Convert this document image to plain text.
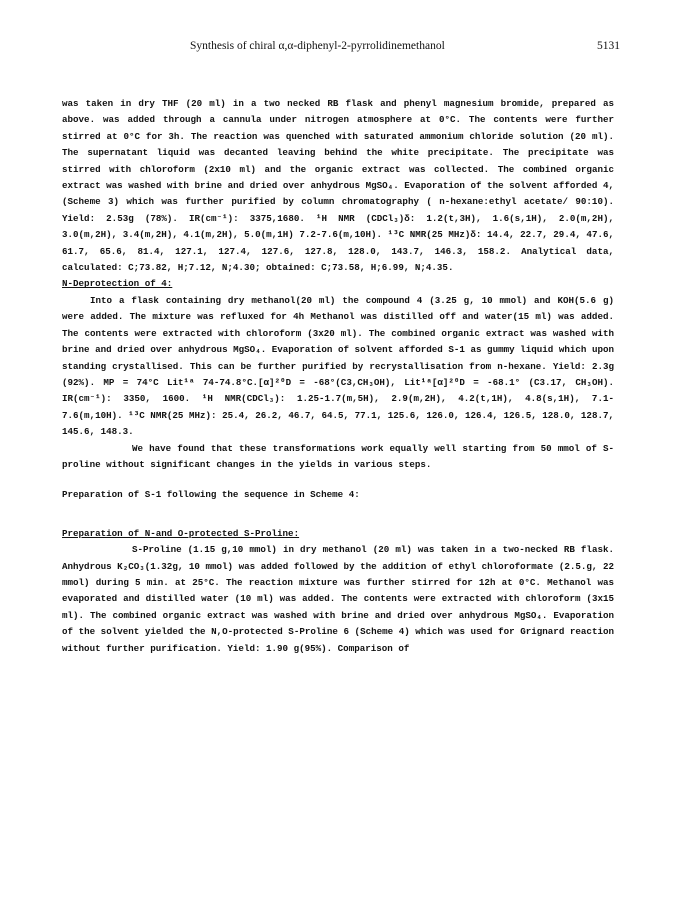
Synthesis of chiral α,α-diphenyl-2-pyrrolidinemethanol	5131

was taken in dry THF (20 ml) in a two necked RB flask and phenyl magnesium bromide, prepared as above. was added through a cannula under nitrogen atmosphere at 0°C. The contents were further stirred at 0°C for 3h. The reaction was quenched with saturated ammonium chloride solution (20 ml). The supernatant liquid was decanted leaving behind the white precipitate. The precipitate was stirred with chloroform (2x10 ml) and the organic extract was collected. The combined organic extract was washed with brine and dried over anhydrous MgSO₄. Evaporation of the solvent afforded 4, (Scheme 3) which was further purified by column chromatography ( n-hexane:ethyl acetate/ 90:10). Yield: 2.53g (78%). IR(cm⁻¹): 3375,1680. ¹H NMR (CDCl₃)δ: 1.2(t,3H), 1.6(s,1H), 2.0(m,2H), 3.0(m,2H), 3.4(m,2H), 4.1(m,2H), 5.0(m,1H) 7.2-7.6(m,10H). ¹³C NMR(25 MHz)δ: 14.4, 22.7, 29.4, 47.6, 61.7, 65.6, 81.4, 127.1, 127.4, 127.6, 127.8, 128.0, 143.7, 146.3, 158.2. Analytical data, calculated: C;73.82, H;7.12, N;4.30; obtained: C;73.58, H;6.99, N;4.35.

N-Deprotection of 4:

Into a flask containing dry methanol(20 ml) the compound 4 (3.25 g, 10 mmol) and KOH(5.6 g) were added. The mixture was refluxed for 4h Methanol was distilled off and water(15 ml) was added. The contents were extracted with chloroform (3x20 ml). The combined organic extract was washed with brine and dried over anhydrous MgSO₄. Evaporation of solvent afforded S-1 as gummy liquid which upon standing crystallised. This can be further purified by recrystallisation from n-hexane. Yield: 2.3g (92%). MP = 74°C Lit¹ᵃ 74-74.8°C.[α]²⁰D = -68°(C3,CH₃OH), Lit¹ᵃ[α]²⁰D = -68.1° (C3.17, CH₃OH). IR(cm⁻¹): 3350, 1600. ¹H NMR(CDCl₃): 1.25-1.7(m,5H), 2.9(m,2H), 4.2(t,1H), 4.8(s,1H), 7.1-7.6(m,10H). ¹³C NMR(25 MHz): 25.4, 26.2, 46.7, 64.5, 77.1, 125.6, 126.0, 126.4, 126.5, 128.0, 128.7, 145.6, 148.3.

We have found that these transformations work equally well starting from 50 mmol of S-proline without significant changes in the yields in various steps.

Preparation of S-1 following the sequence in Scheme 4:

Preparation of N-and O-protected S-Proline:

S-Proline (1.15 g,10 mmol) in dry methanol (20 ml) was taken in a two-necked RB flask. Anhydrous K₂CO₃(1.32g, 10 mmol) was added followed by the addition of ethyl chloroformate (2.5.g, 22 mmol) during 5 min. at 25°C. The reaction mixture was further stirred for 12h at 0°C. Methanol was evaporated and distilled water (10 ml) was added. The contents were extracted with chloroform (3x15 ml). The combined organic extract was washed with brine and dried over anhydrous MgSO₄. Evaporation of the solvent yielded the N,O-protected S-Proline 6 (Scheme 4) which was used for Grignard reaction without further purification. Yield: 1.90 g(95%). Comparison of
